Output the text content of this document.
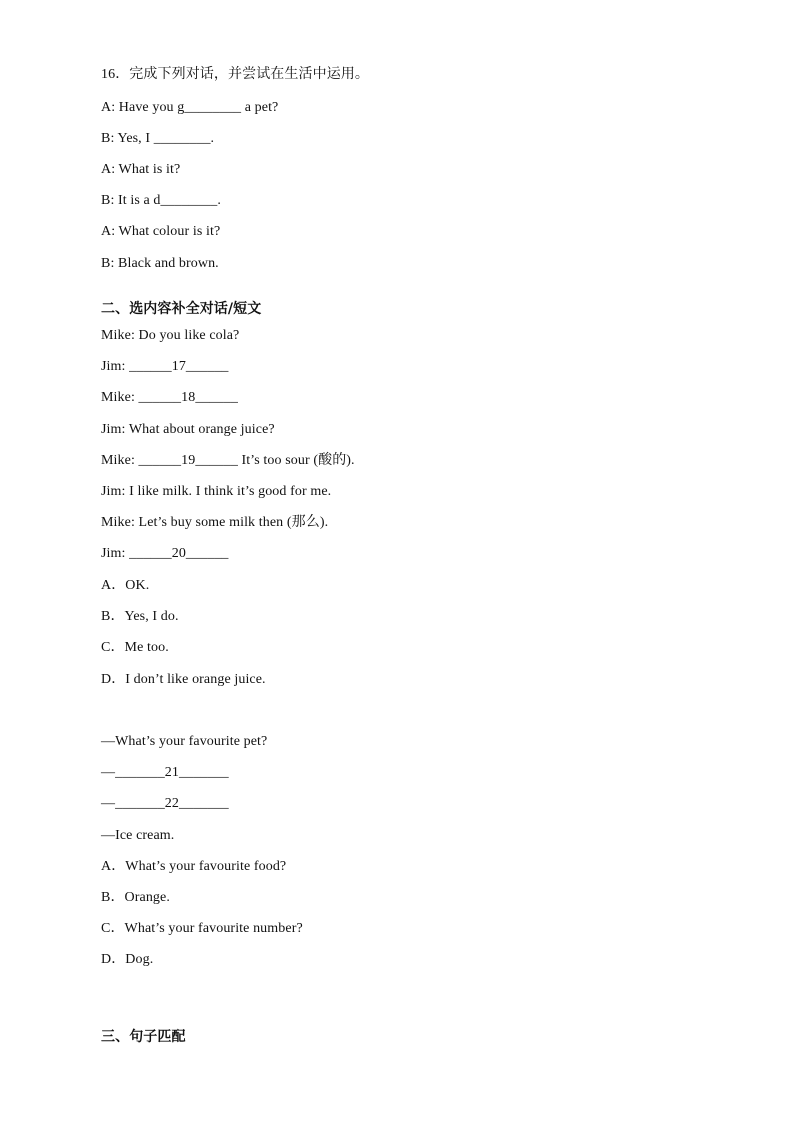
16．完成下列对话，并尝试在生活中运用。
A: Have you g________ a pet?
B: Yes, I ________.
A: What is it?
B: It is a d________.
A: What colour is it?
B: Black and brown.
二、选内容补全对话/短文
Mike: Do you like cola?
Jim: ______17______
Mike: ______18______
Jim: What about orange juice?
Mike: ______19______ It’s too sour (酸的).
Jim: I like milk. I think it’s good for me.
Mike: Let’s buy some milk then (那么).
Jim: ______20______
A．OK.
B．Yes, I do.
C．Me too.
D．I don’t like orange juice.
—What’s your favourite pet?
—_______21_______
—_______22_______
—Ice cream.
A．What’s your favourite food?
B．Orange.
C．What’s your favourite number?
D．Dog.
三、句子匹配
